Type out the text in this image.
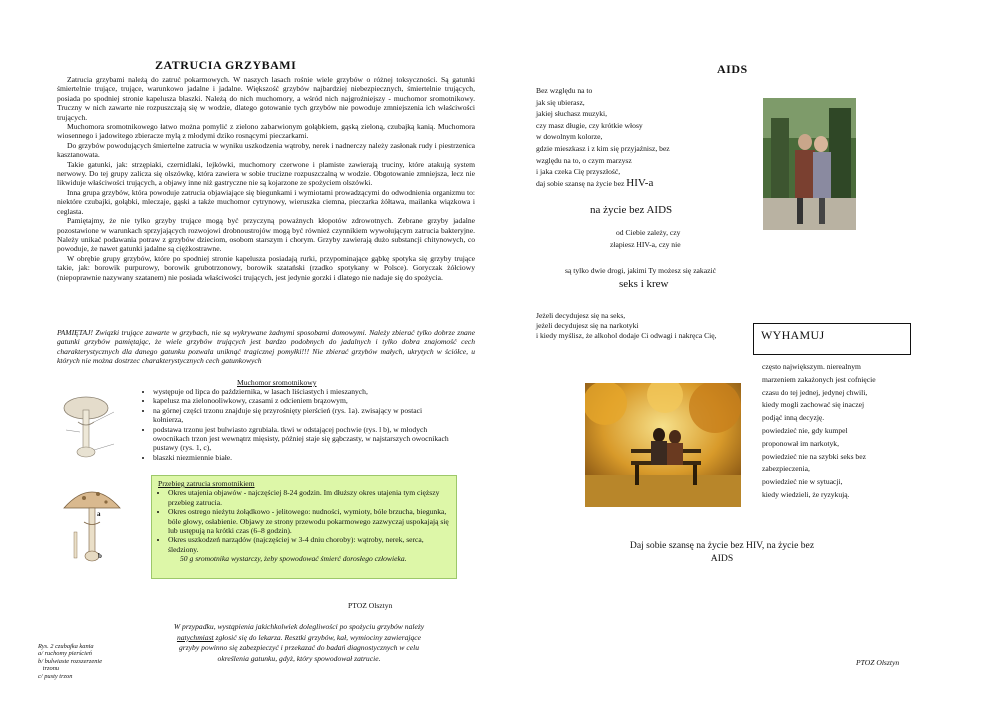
ZATRUCIA GRZYBAMI

Zatrucia grzybami należą do zatruć pokarmowych. W naszych lasach rośnie wiele grzybów o różnej toksyczności. Są gatunki śmiertelnie trujące, trujące, warunkowo jadalne i jadalne. Większość grzybów najbardziej niebezpiecznych, śmiertelnie trujących, posiada po spodniej stronie kapelusza blaszki. Należą do nich muchomory, a wśród nich najgroźniejszy - muchomor sromotnikowy. Truczny w nich zawarte nie rozpuszczają się w wodzie, dlatego gotowanie tych grzybów nie powoduje zmniejszenia ich właściwości trujących.

Muchomora sromotnikowego łatwo można pomylić z zielono zabarwionym gołąbkiem, gąską zieloną, czubajką kanią. Muchomora wiosennego i jadowitego zbieracze mylą z młodymi dziko rosnącymi pieczarkami.

Do grzybów powodujących śmiertelne zatrucia w wyniku uszkodzenia wątroby, nerek i nadnerczy należy zasłonak rudy i piestrzenica kasztanowata.

Takie gatunki, jak: strzępiaki, czernidlaki, lejkówki, muchomory czerwone i plamiste zawierają truciny, które atakują system nerwowy. Do tej grupy zalicza się olszówkę, która zawiera w sobie trucizne rozpuszczalną w wodzie. Obgotowanie zmniejsza, lecz nie likwiduje właściwości trujących, a objawy inne niż gastryczne nie są kojarzone ze spożyciem olszówki.

Inna grupa grzybów, która powoduje zatrucia objawiające się biegunkami i wymiotami prowadzącymi do odwodnienia organizmu to: niektóre czubajki, gołąbki, mleczaje, gąski a także muchomor cytrynowy, wieruszka ciemna, pieczarka żółtawa, mailanka wiązkowa i ceglasta.

Pamiętajmy, że nie tylko grzyby trujące mogą być przyczyną poważnych kłopotów zdrowotnych. Zebrane grzyby jadalne pozostawione w warunkach sprzyjających rozwojowi drobnoustrojów mogą być również czynnikiem wywołującym zatrucia bakteryjne. Należy unikać podawania potraw z grzybów dzieciom, osobom starszym i chorym. Grzyby zawierają dużo substancji chitynowych, co powoduje, że nawet gatunki jadalne są ciężkostrawne.

W obrębie grupy grzybów, które po spodniej stronie kapelusza posiadają rurki, przypominające gąbkę spotyka się grzyby trujące takie, jak: borowik purpurowy, borowik grubotrzonowy, borowik szatański (rzadko spotykany w Polsce). Goryczak żółciowy (niepoprawnie nazywany szatanem) nie posiada właściwości trujących, jest jedynie gorzki i dlatego nie nadaje się do spożycia.

PAMIĘTAJ! Związki trujące zawarte w grzybach, nie są wykrywane żadnymi sposobami domowymi. Należy zbierać tylko dobrze znane gatunki grzybów pamiętając, że wiele grzybów trujących jest bardzo podobnych do jadalnych i tylko dobra znajomość cech charakterystycznych dla danego gatunku pozwala uniknąć tragicznej pomyłki!!! Nie zbierać grzybów małych, ukrytych w ściółce, u których nie można dostrzec charakterystycznych cech gatunkowych

Muchomor sromotnikowy
• występuje od lipca do października, w lasach liściastych i mieszanych,
• kapelusz ma zielonooliwkowy, czasami z odcieniem brązowym,
• na górnej części trzonu znajduje się przyrośnięty pierścień (rys. 1a). zwisający w postaci kołnierza,
• podstawa trzonu jest bulwiasto zgrubiała. tkwi w odstającej pochwie (rys. l b), w młodych owocnikach trzon jest wewnątrz mięsisty, później staje się gąbczasty, w najstarszych owocnikach pustawy (rys. 1, c),
• blaszki niezmiennie białe.
a
b
Przebieg zatrucia sromotnikiem
• Okres utajenia objawów - najczęściej 8-24 godzin. Im dłuższy okres utajenia tym cięższy przebieg zatrucia.
• Okres ostrego nieżytu żołądkowo - jelitowego: nudności, wymioty, bóle brzucha, biegunka, bóle głowy, osłabienie. Objawy ze strony przewodu pokarmowego zazwyczaj uspokajają się lub ustępują na krótki czas (6–8 godzin).
• Okres uszkodzeń narządów (najczęściej w 3-4 dniu choroby): wątroby, nerek, serca, śledziony.
50 g sromotnika wystarczy, żeby spowodować śmierć dorosłego człowieka.
PTOZ Olsztyn

W przypadku, wystąpienia jakichkolwiek dolegliwości po spożyciu grzybów należy natychmiast zgłosić się do lekarza. Resztki grzybów, kał, wymiociny zawierające grzyby powinno się zabezpieczyć i przekazać do badań diagnostycznych w celu określenia gatunku, gdyż, który spowodował zatrucie.

Rys. 2 czubajka kania
a/ ruchomy pierścień
b/ bulwiaste rozszerzenie
trzonu
c/ pusty trzon
AIDS
Bez względu na to
jak się ubierasz,
jakiej słuchasz muzyki,
czy masz długie, czy krótkie włosy
w dowolnym kolorze,
gdzie mieszkasz i z kim się przyjaźnisz, bez
względu na to, o czym marzysz
i jaka czeka Cię przyszłość,
daj sobie szansę na życie bez HIV-a
na życie bez AIDS
od Ciebie zależy, czy
złapiesz HIV-a, czy nie
są tylko dwie drogi, jakimi Ty możesz się zakazić
seks i krew
Jeżeli decydujesz się na seks,
jeżeli decydujesz się na narkotyki
i kiedy myślisz, że alkohol dodaje Ci odwagi i nakręca Cię,	WYHAMUJ
często największym. nierealnym
marzeniem zakażonych jest cofnięcie
czasu do tej jednej, jedynej chwili,
kiedy mogli zachować się inaczej
podjąć inną decyzję.
powiedzieć nie, gdy kumpel
proponował im narkotyk,
powiedzieć nie na szybki seks bez
zabezpieczenia,
powiedzieć nie w sytuacji,
kiedy wiedzieli, że ryzykują.
Daj sobie szansę na życie bez HIV, na życie bez
AIDS
PTOZ Olsztyn
